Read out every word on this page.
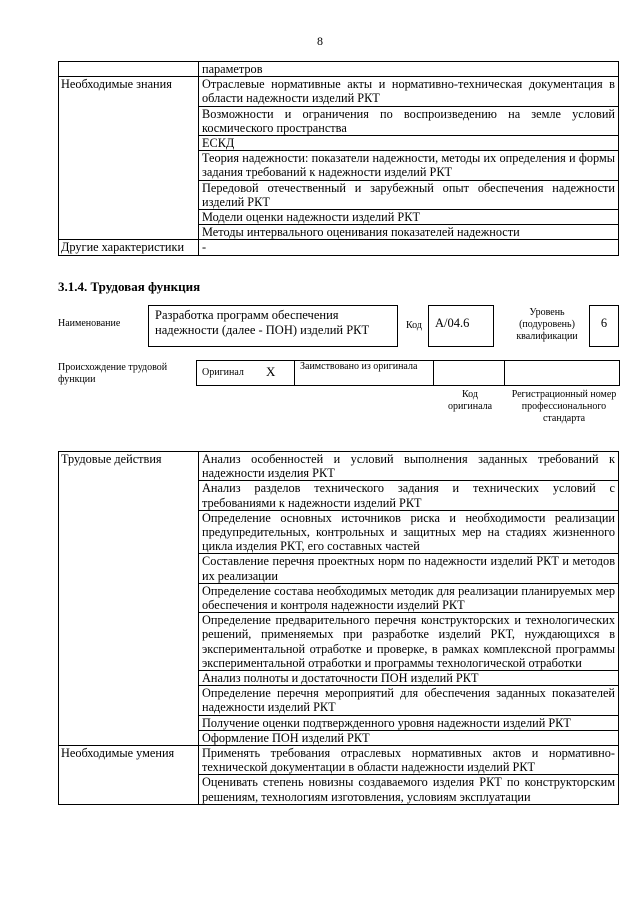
8
	параметров
Необходимые знания	Отраслевые нормативные акты и нормативно-техническая документация в области надежности изделий РКТ
	Возможности и ограничения по воспроизведению на земле условий космического пространства
	ЕСКД
	Теория надежности: показатели надежности, методы их определения и формы задания требований к надежности изделий РКТ
	Передовой отечественный и зарубежный опыт обеспечения надежности изделий РКТ
	Модели оценки надежности изделий РКТ
	Методы интервального оценивания показателей надежности
Другие характеристики	-
3.1.4. Трудовая функция
Наименование
Разработка программ обеспечения надежности (далее - ПОН) изделий РКТ	Код	A/04.6
Уровень (подуровень) квалификации
6
Происхождение трудовой функции
Оригинал X Заимствовано из оригинала
Код оригинала
Регистрационный номер профессионального стандарта
Трудовые действия	Анализ особенностей и условий выполнения заданных требований к надежности изделия РКТ
	Анализ разделов технического задания и технических условий с требованиями к надежности изделий РКТ
	Определение основных источников риска и необходимости реализации предупредительных, контрольных и защитных мер на стадиях жизненного цикла изделия РКТ, его составных частей
	Составление перечня проектных норм по надежности изделий РКТ и методов их реализации
	Определение состава необходимых методик для реализации планируемых мер обеспечения и контроля надежности изделий РКТ
	Определение предварительного перечня конструкторских и технологических решений, применяемых при разработке изделий РКТ, нуждающихся в экспериментальной отработке и проверке, в рамках комплексной программы экспериментальной отработки и программы технологической отработки
	Анализ полноты и достаточности ПОН изделий РКТ
	Определение перечня мероприятий для обеспечения заданных показателей надежности изделий РКТ
	Получение оценки подтвержденного уровня надежности изделий РКТ
	Оформление ПОН изделий РКТ
Необходимые умения	Применять требования отраслевых нормативных актов и нормативно-технической документации в области надежности изделий РКТ
	Оценивать степень новизны создаваемого изделия РКТ по конструкторским решениям, технологиям изготовления, условиям эксплуатации
